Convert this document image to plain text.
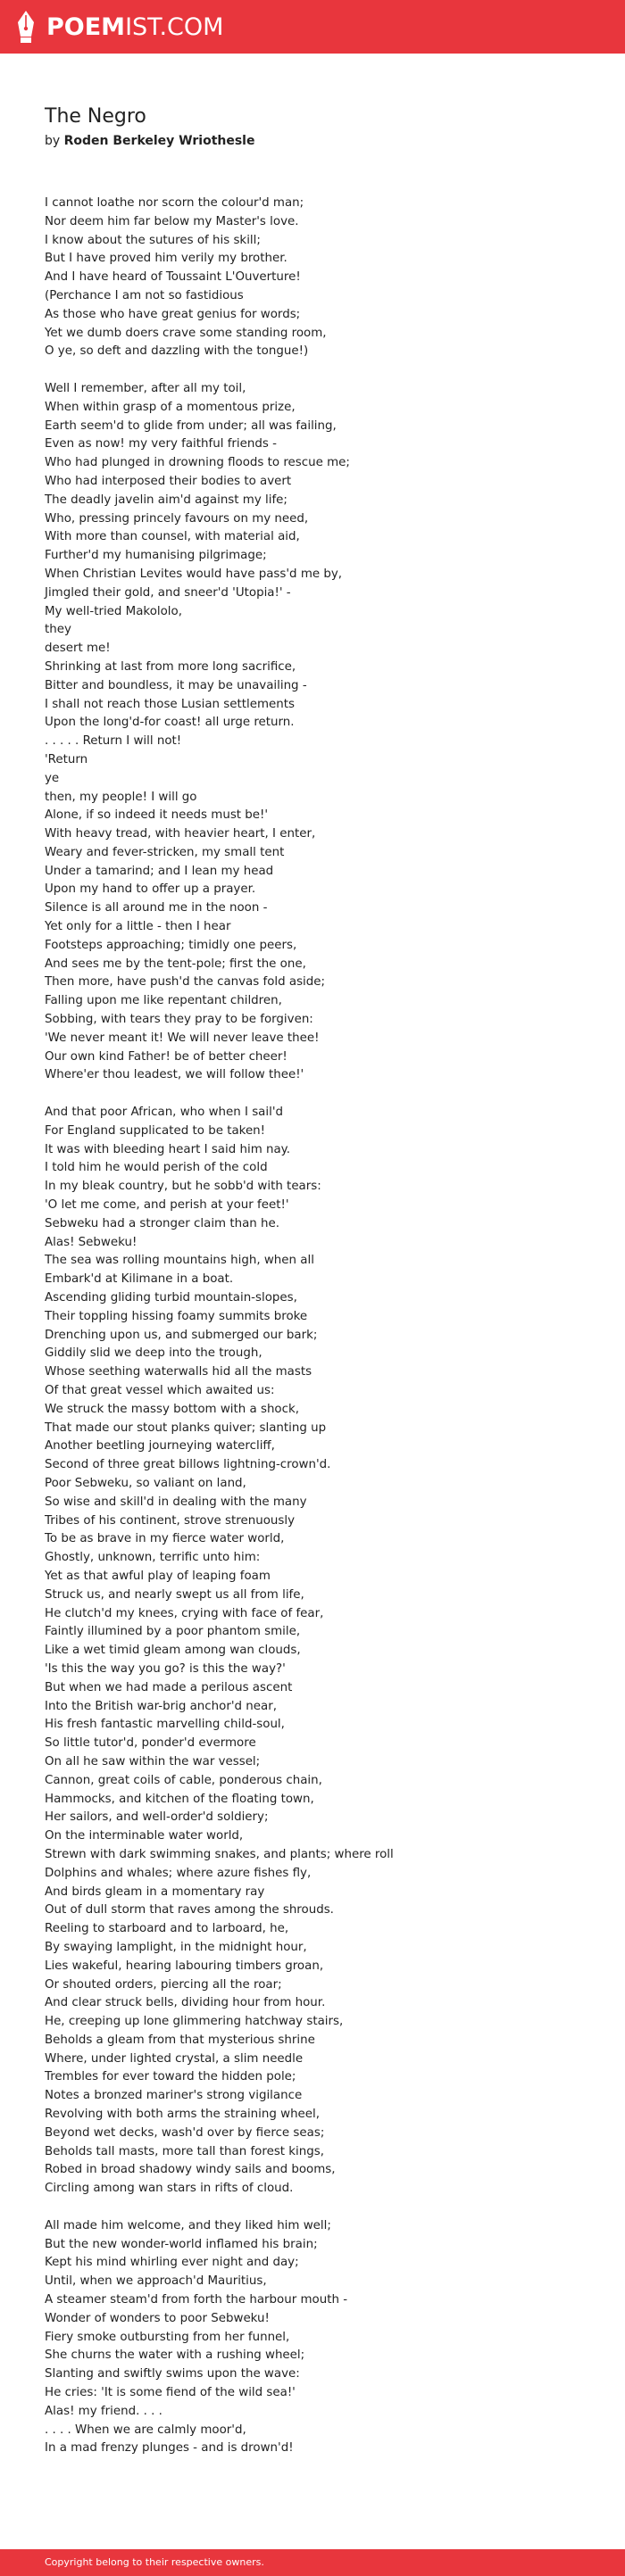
POEMIST.COM
The Negro
by Roden Berkeley Wriothesle
I cannot loathe nor scorn the colour'd man;
Nor deem him far below my Master's love.
I know about the sutures of his skill;
But I have proved him verily my brother.
And I have heard of Toussaint L'Ouverture!
(Perchance I am not so fastidious
As those who have great genius for words;
Yet we dumb doers crave some standing room,
O ye, so deft and dazzling with the tongue!)
Well I remember, after all my toil,
When within grasp of a momentous prize,
Earth seem'd to glide from under; all was failing,
Even as now! my very faithful friends -
Who had plunged in drowning floods to rescue me;
Who had interposed their bodies to avert
The deadly javelin aim'd against my life;
Who, pressing princely favours on my need,
With more than counsel, with material aid,
Further'd my humanising pilgrimage;
When Christian Levites would have pass'd me by,
Jimgled their gold, and sneer'd 'Utopia!' -
My well-tried Makololo,
they
desert me!
Shrinking at last from more long sacrifice,
Bitter and boundless, it may be unavailing -
I shall not reach those Lusian settlements
Upon the long'd-for coast! all urge return.
. . . . . Return I will not!
'Return
ye
then, my people! I will go
Alone, if so indeed it needs must be!'
With heavy tread, with heavier heart, I enter,
Weary and fever-stricken, my small tent
Under a tamarind; and I lean my head
Upon my hand to offer up a prayer.
Silence is all around me in the noon -
Yet only for a little - then I hear
Footsteps approaching; timidly one peers,
And sees me by the tent-pole; first the one,
Then more, have push'd the canvas fold aside;
Falling upon me like repentant children,
Sobbing, with tears they pray to be forgiven:
'We never meant it! We will never leave thee!
Our own kind Father! be of better cheer!
Where'er thou leadest, we will follow thee!'
And that poor African, who when I sail'd
For England supplicated to be taken!
It was with bleeding heart I said him nay.
I told him he would perish of the cold
In my bleak country, but he sobb'd with tears:
'O let me come, and perish at your feet!'
Sebweku had a stronger claim than he.
Alas! Sebweku!
The sea was rolling mountains high, when all
Embark'd at Kilimane in a boat.
Ascending gliding turbid mountain-slopes,
Their toppling hissing foamy summits broke
Drenching upon us, and submerged our bark;
Giddily slid we deep into the trough,
Whose seething waterwalls hid all the masts
Of that great vessel which awaited us:
We struck the massy bottom with a shock,
That made our stout planks quiver; slanting up
Another beetling journeying watercliff,
Second of three great billows lightning-crown'd.
Poor Sebweku, so valiant on land,
So wise and skill'd in dealing with the many
Tribes of his continent, strove strenuously
To be as brave in my fierce water world,
Ghostly, unknown, terrific unto him:
Yet as that awful play of leaping foam
Struck us, and nearly swept us all from life,
He clutch'd my knees, crying with face of fear,
Faintly illumined by a poor phantom smile,
Like a wet timid gleam among wan clouds,
'Is this the way you go? is this the way?'
But when we had made a perilous ascent
Into the British war-brig anchor'd near,
His fresh fantastic marvelling child-soul,
So little tutor'd, ponder'd evermore
On all he saw within the war vessel;
Cannon, great coils of cable, ponderous chain,
Hammocks, and kitchen of the floating town,
Her sailors, and well-order'd soldiery;
On the interminable water world,
Strewn with dark swimming snakes, and plants; where roll
Dolphins and whales; where azure fishes fly,
And birds gleam in a momentary ray
Out of dull storm that raves among the shrouds.
Reeling to starboard and to larboard, he,
By swaying lamplight, in the midnight hour,
Lies wakeful, hearing labouring timbers groan,
Or shouted orders, piercing all the roar;
And clear struck bells, dividing hour from hour.
He, creeping up lone glimmering hatchway stairs,
Beholds a gleam from that mysterious shrine
Where, under lighted crystal, a slim needle
Trembles for ever toward the hidden pole;
Notes a bronzed mariner's strong vigilance
Revolving with both arms the straining wheel,
Beyond wet decks, wash'd over by fierce seas;
Beholds tall masts, more tall than forest kings,
Robed in broad shadowy windy sails and booms,
Circling among wan stars in rifts of cloud.
All made him welcome, and they liked him well;
But the new wonder-world inflamed his brain;
Kept his mind whirling ever night and day;
Until, when we approach'd Mauritius,
A steamer steam'd from forth the harbour mouth -
Wonder of wonders to poor Sebweku!
Fiery smoke outbursting from her funnel,
She churns the water with a rushing wheel;
Slanting and swiftly swims upon the wave:
He cries: 'It is some fiend of the wild sea!'
Alas! my friend. . . .
. . . . When we are calmly moor'd,
In a mad frenzy plunges - and is drown'd!
Copyright belong to their respective owners.
